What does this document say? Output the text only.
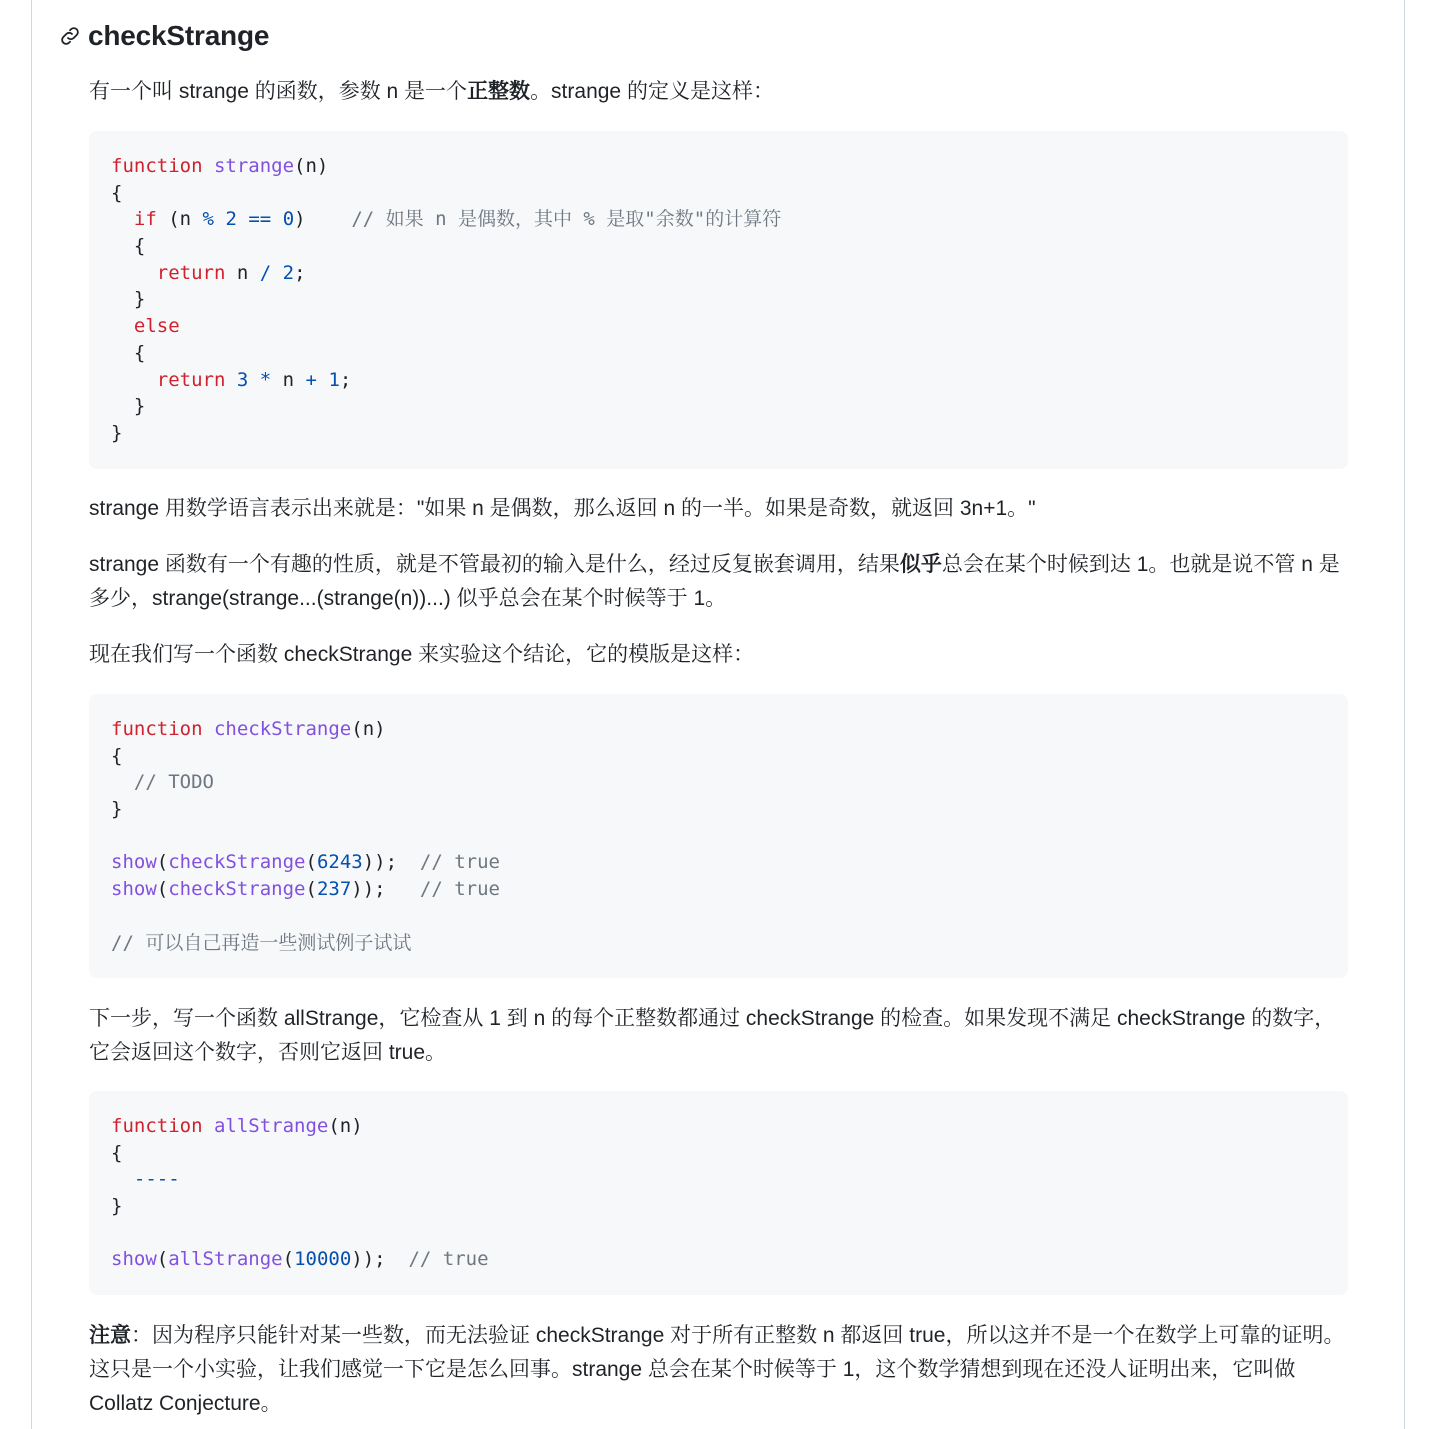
checkStrange

有一个叫 strange 的函数，参数 n 是一个正整数。strange 的定义是这样：

function strange(n)
{
if (n % 2 == 0)    // 如果 n 是偶数，其中 % 是取"余数"的计算符
{
return n / 2;
}
else
{
return 3 * n + 1;
}
}

strange 用数学语言表示出来就是："如果 n 是偶数，那么返回 n 的一半。如果是奇数，就返回 3n+1。"

strange 函数有一个有趣的性质，就是不管最初的输入是什么，经过反复嵌套调用，结果似乎总会在某个时候到达 1。也就是说不管 n 是多少，strange(strange...(strange(n))...) 似乎总会在某个时候等于 1。

现在我们写一个函数 checkStrange 来实验这个结论，它的模版是这样：

function checkStrange(n)
{
// TODO
}
show(checkStrange(6243));  // true
show(checkStrange(237));   // true
// 可以自己再造一些测试例子试试

下一步，写一个函数 allStrange，它检查从 1 到 n 的每个正整数都通过 checkStrange 的检查。如果发现不满足 checkStrange 的数字，它会返回这个数字，否则它返回 true。

function allStrange(n)
{
----
}
show(allStrange(10000));  // true

注意：因为程序只能针对某一些数，而无法验证 checkStrange 对于所有正整数 n 都返回 true，所以这并不是一个在数学上可靠的证明。这只是一个小实验，让我们感觉一下它是怎么回事。strange 总会在某个时候等于 1，这个数学猜想到现在还没人证明出来，它叫做 Collatz Conjecture。
